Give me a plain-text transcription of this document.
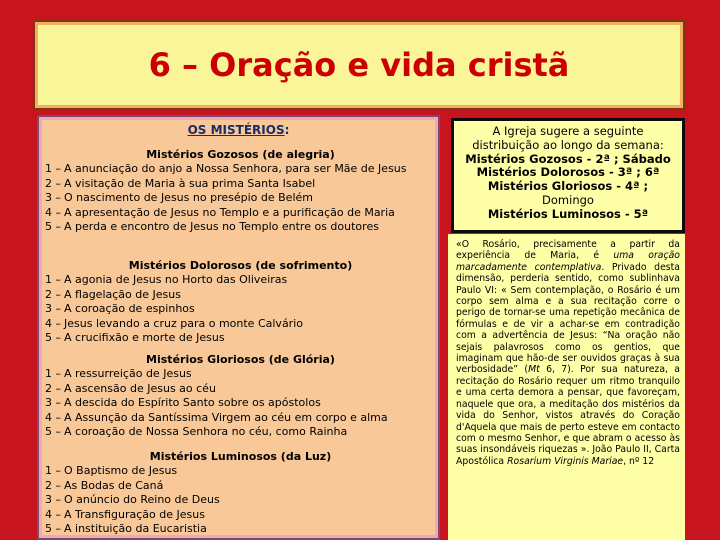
6 – Oração e vida cristã
OS MISTÉRIOS:
Mistérios Gozosos (de alegria)
1 – A anunciação do anjo a Nossa Senhora, para ser Mãe de Jesus
2 – A visitação de Maria à sua prima Santa Isabel
3 – O nascimento de Jesus no presépio de Belém
4 – A apresentação de Jesus no Templo e a purificação de Maria
5 – A perda e encontro de Jesus no Templo entre os doutores
Mistérios Dolorosos (de sofrimento)
1 – A agonia de Jesus no Horto das Oliveiras
2 – A flagelação de Jesus
3 – A coroação de espinhos
4 – Jesus levando a cruz para o monte Calvário
5 – A crucifixão e morte de Jesus
Mistérios Gloriosos (de Glória)
1 – A ressurreição de Jesus
2 – A ascensão de Jesus ao céu
3 – A descida do Espírito Santo sobre os apóstolos
4 – A Assunção da Santíssima Virgem ao céu em corpo e alma
5 – A coroação de Nossa Senhora no céu, como Rainha
Mistérios Luminosos (da Luz)
1 – O Baptismo de Jesus
2 – As Bodas de Caná
3 – O anúncio do Reino de Deus
4 – A Transfiguração de Jesus
5 – A instituição da Eucaristia

A Igreja sugere a seguinte

distribuição ao longo da semana:

Mistérios Gozosos - 2ª ; Sábado

Mistérios Dolorosos - 3ª ; 6ª

Mistérios Gloriosos - 4ª ;

Domingo

Mistérios Luminosos - 5ª

«O Rosário, precisamente a partir da experiência de Maria, é uma oração marcadamente contemplativa. Privado desta dimensão, perderia sentido, como sublinhava Paulo VI: « Sem contemplação, o Rosário é um corpo sem alma e a sua recitação corre o perigo de tornar-se uma repetição mecânica de fórmulas e de vir a achar-se em contradição com a advertência de Jesus: “Na oração não sejais palavrosos como os gentios, que imaginam que hão-de ser ouvidos graças à sua verbosidade” (Mt 6, 7). Por sua natureza, a recitação do Rosário requer um ritmo tranquilo e uma certa demora a pensar, que favoreçam, naquele que ora, a meditação dos mistérios da vida do Senhor, vistos através do Coração d'Aquela que mais de perto esteve em contacto com o mesmo Senhor, e que abram o acesso às suas insondáveis riquezas ». João Paulo II, Carta Apostólica Rosarium Virginis Mariae, nº 12
